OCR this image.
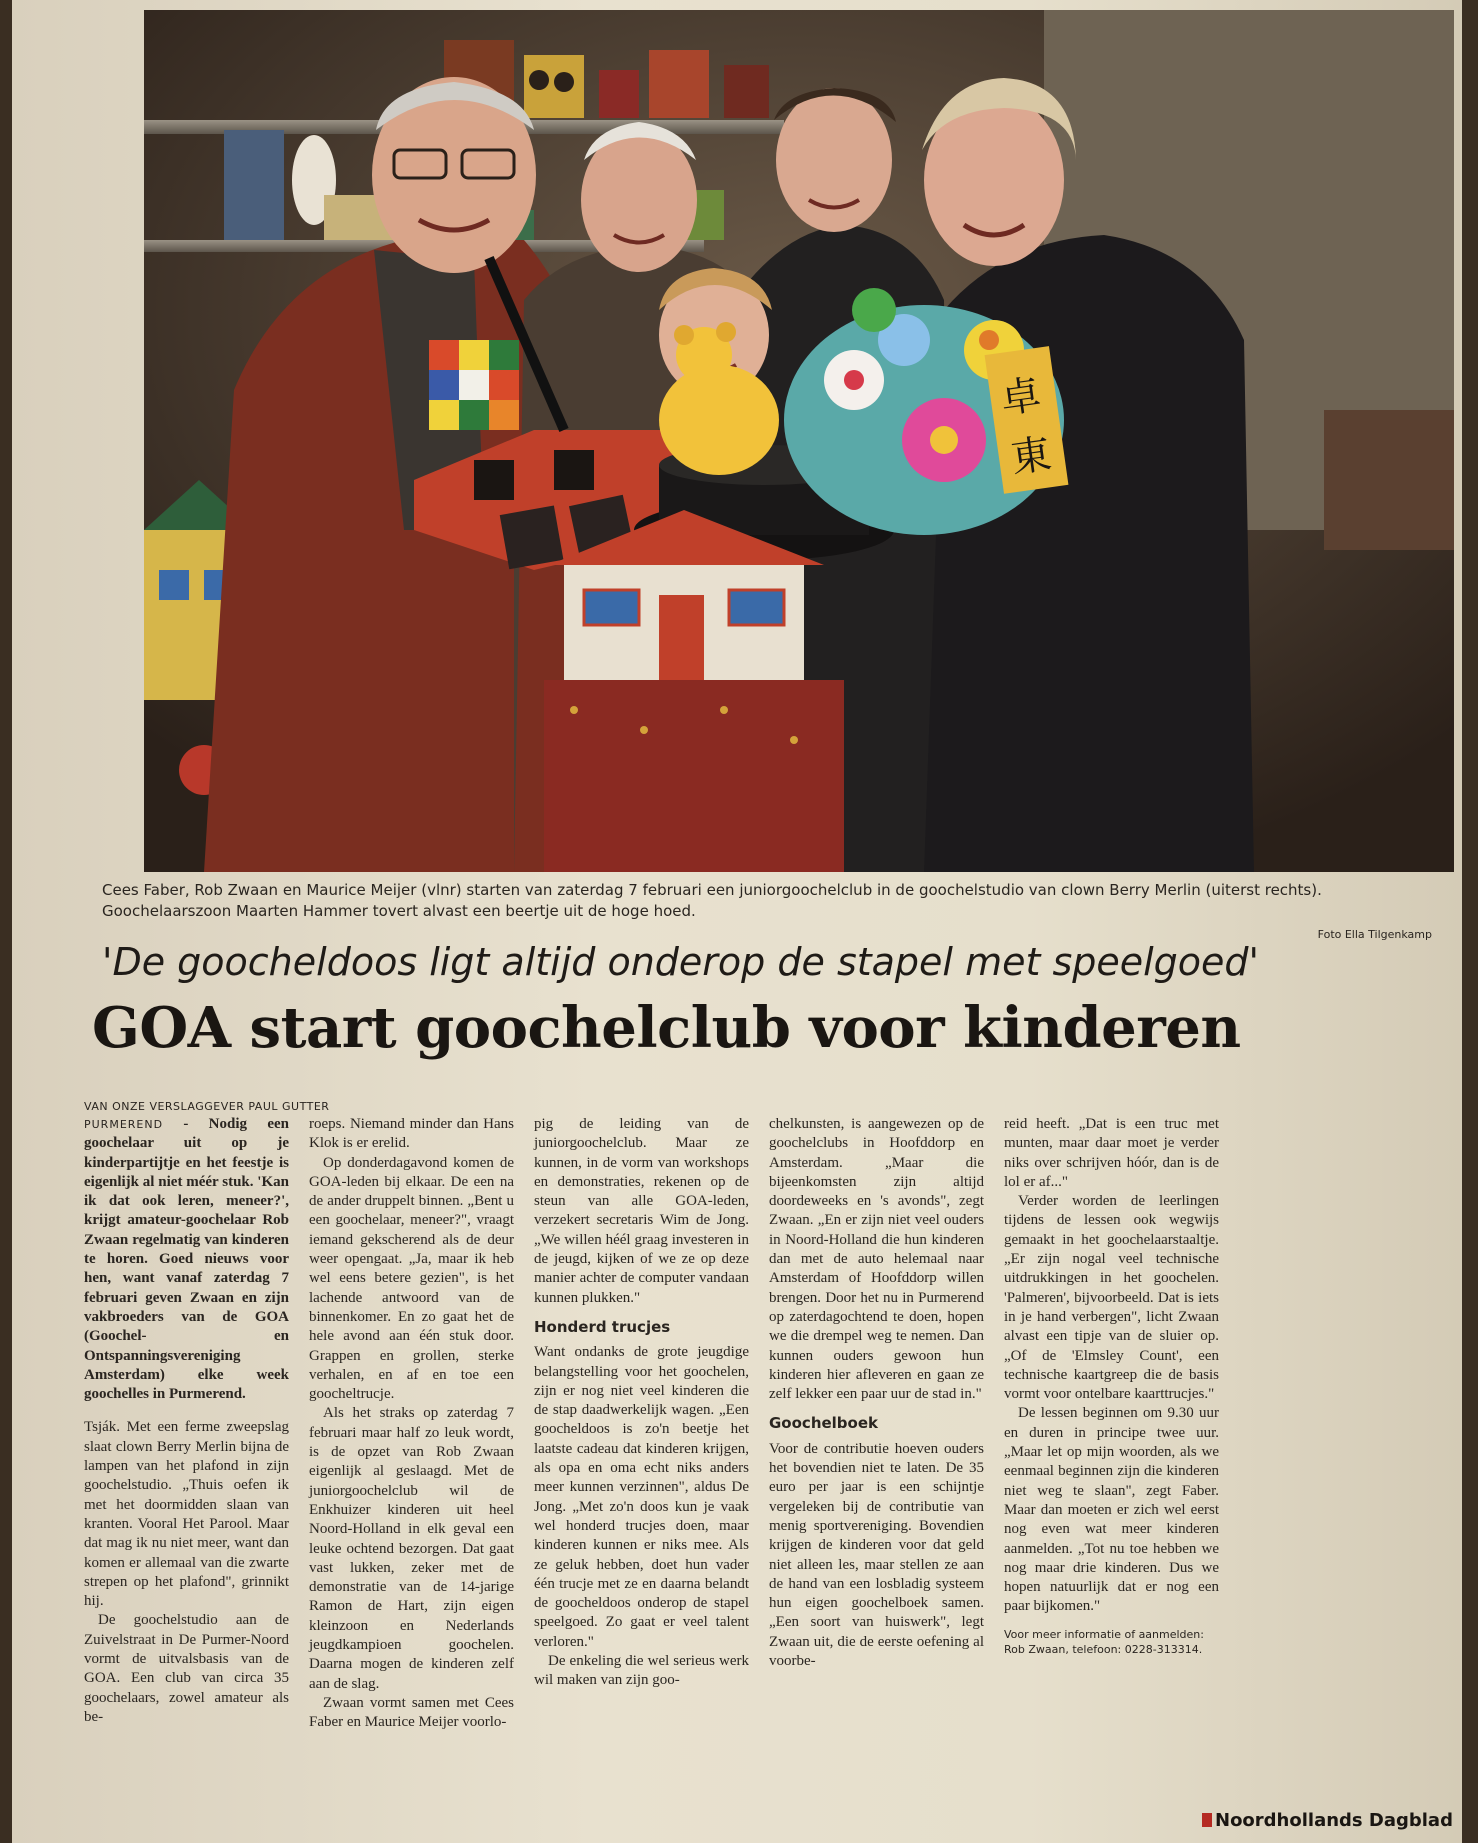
卓
東
Cees Faber, Rob Zwaan en Maurice Meijer (vlnr) starten van zaterdag 7 februari een juniorgoochelclub in de goochelstudio van clown Berry Merlin (uiterst rechts). Goochelaarszoon Maarten Hammer tovert alvast een beertje uit de hoge hoed.
Foto Ella Tilgenkamp
'De goocheldoos ligt altijd onderop de stapel met speelgoed'
GOA start goochelclub voor kinderen
VAN ONZE VERSLAGGEVER PAUL GUTTER

PURMEREND - Nodig een goochelaar uit op je kinderpartijtje en het feestje is eigenlijk al niet méér stuk. 'Kan ik dat ook leren, meneer?', krijgt amateur-goochelaar Rob Zwaan regelmatig van kinderen te horen. Goed nieuws voor hen, want vanaf zaterdag 7 februari geven Zwaan en zijn vakbroeders van de GOA (Goochel- en Ontspanningsvereniging Amsterdam) elke week goochelles in Purmerend.

Tsják. Met een ferme zweepslag slaat clown Berry Merlin bijna de lampen van het plafond in zijn goochelstudio. „Thuis oefen ik met het doormidden slaan van kranten. Vooral Het Parool. Maar dat mag ik nu niet meer, want dan komen er allemaal van die zwarte strepen op het plafond", grinnikt hij.

De goochelstudio aan de Zuivelstraat in De Purmer-Noord vormt de uitvalsbasis van de GOA. Een club van circa 35 goochelaars, zowel amateur als be-

roeps. Niemand minder dan Hans Klok is er erelid.

Op donderdagavond komen de GOA-leden bij elkaar. De een na de ander druppelt binnen. „Bent u een goochelaar, meneer?", vraagt iemand gekscherend als de deur weer opengaat. „Ja, maar ik heb wel eens betere gezien", is het lachende antwoord van de binnenkomer. En zo gaat het de hele avond aan één stuk door. Grappen en grollen, sterke verhalen, en af en toe een goocheltrucje.

Als het straks op zaterdag 7 februari maar half zo leuk wordt, is de opzet van Rob Zwaan eigenlijk al geslaagd. Met de juniorgoochelclub wil de Enkhuizer kinderen uit heel Noord-Holland in elk geval een leuke ochtend bezorgen. Dat gaat vast lukken, zeker met de demonstratie van de 14-jarige Ramon de Hart, zijn eigen kleinzoon en Nederlands jeugdkampioen goochelen. Daarna mogen de kinderen zelf aan de slag.

Zwaan vormt samen met Cees Faber en Maurice Meijer voorlo-

pig de leiding van de juniorgoochelclub. Maar ze kunnen, in de vorm van workshops en demonstraties, rekenen op de steun van alle GOA-leden, verzekert secretaris Wim de Jong. „We willen héél graag investeren in de jeugd, kijken of we ze op deze manier achter de computer vandaan kunnen plukken."

Honderd trucjes

Want ondanks de grote jeugdige belangstelling voor het goochelen, zijn er nog niet veel kinderen die de stap daadwerkelijk wagen. „Een goocheldoos is zo'n beetje het laatste cadeau dat kinderen krijgen, als opa en oma echt niks anders meer kunnen verzinnen", aldus De Jong. „Met zo'n doos kun je vaak wel honderd trucjes doen, maar kinderen kunnen er niks mee. Als ze geluk hebben, doet hun vader één trucje met ze en daarna belandt de goocheldoos onderop de stapel speelgoed. Zo gaat er veel talent verloren."

De enkeling die wel serieus werk wil maken van zijn goo-

chelkunsten, is aangewezen op de goochelclubs in Hoofddorp en Amsterdam. „Maar die bijeenkomsten zijn altijd doordeweeks en 's avonds", zegt Zwaan. „En er zijn niet veel ouders in Noord-Holland die hun kinderen dan met de auto helemaal naar Amsterdam of Hoofddorp willen brengen. Door het nu in Purmerend op zaterdagochtend te doen, hopen we die drempel weg te nemen. Dan kunnen ouders gewoon hun kinderen hier afleveren en gaan ze zelf lekker een paar uur de stad in."

Goochelboek

Voor de contributie hoeven ouders het bovendien niet te laten. De 35 euro per jaar is een schijntje vergeleken bij de contributie van menig sportvereniging. Bovendien krijgen de kinderen voor dat geld niet alleen les, maar stellen ze aan de hand van een losbladig systeem hun eigen goochelboek samen. „Een soort van huiswerk", legt Zwaan uit, die de eerste oefening al voorbe-

reid heeft. „Dat is een truc met munten, maar daar moet je verder niks over schrijven hóór, dan is de lol er af..."

Verder worden de leerlingen tijdens de lessen ook wegwijs gemaakt in het goochelaarstaaltje. „Er zijn nogal veel technische uitdrukkingen in het goochelen. 'Palmeren', bijvoorbeeld. Dat is iets in je hand verbergen", licht Zwaan alvast een tipje van de sluier op. „Of de 'Elmsley Count', een technische kaartgreep die de basis vormt voor ontelbare kaarttrucjes."

De lessen beginnen om 9.30 uur en duren in principe twee uur. „Maar let op mijn woorden, als we eenmaal beginnen zijn die kinderen niet weg te slaan", zegt Faber. Maar dan moeten er zich wel eerst nog even wat meer kinderen aanmelden. „Tot nu toe hebben we nog maar drie kinderen. Dus we hopen natuurlijk dat er nog een paar bijkomen."

Voor meer informatie of aanmelden: Rob Zwaan, telefoon: 0228-313314.
Noordhollands Dagblad
